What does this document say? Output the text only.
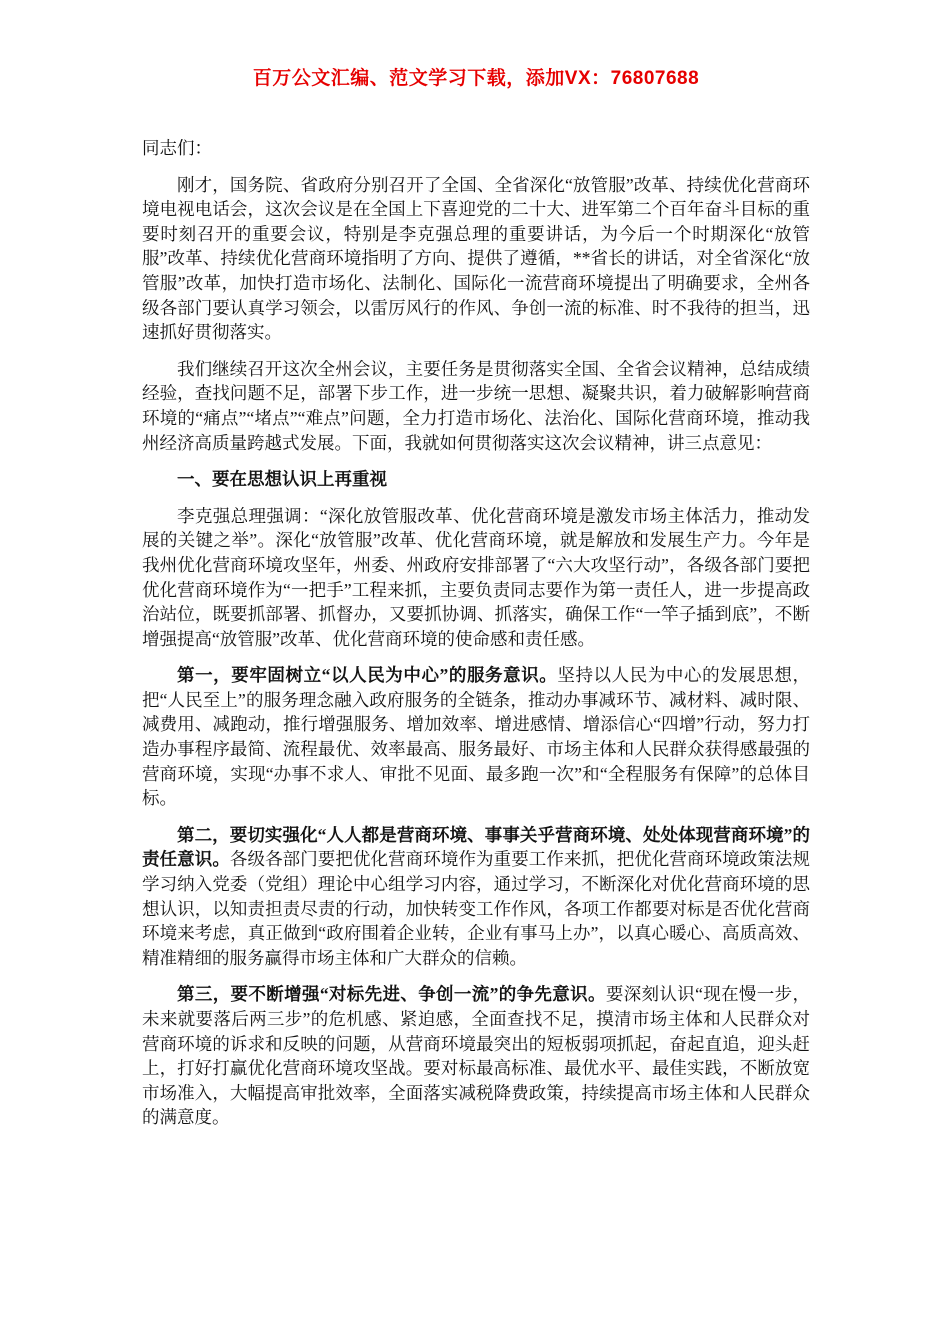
百万公文汇编、范文学习下载，添加VX：76807688

同志们：

刚才，国务院、省政府分别召开了全国、全省深化“放管服”改革、持续优化营商环境电视电话会，这次会议是在全国上下喜迎党的二十大、进军第二个百年奋斗目标的重要时刻召开的重要会议，特别是李克强总理的重要讲话，为今后一个时期深化“放管服”改革、持续优化营商环境指明了方向、提供了遵循，**省长的讲话，对全省深化“放管服”改革，加快打造市场化、法制化、国际化一流营商环境提出了明确要求，全州各级各部门要认真学习领会，以雷厉风行的作风、争创一流的标准、时不我待的担当，迅速抓好贯彻落实。

我们继续召开这次全州会议，主要任务是贯彻落实全国、全省会议精神，总结成绩经验，查找问题不足，部署下步工作，进一步统一思想、凝聚共识，着力破解影响营商环境的“痛点”“堵点”“难点”问题，全力打造市场化、法治化、国际化营商环境，推动我州经济高质量跨越式发展。下面，我就如何贯彻落实这次会议精神，讲三点意见：

一、要在思想认识上再重视

李克强总理强调：“深化放管服改革、优化营商环境是激发市场主体活力，推动发展的关键之举”。深化“放管服”改革、优化营商环境，就是解放和发展生产力。今年是我州优化营商环境攻坚年，州委、州政府安排部署了“六大攻坚行动”，各级各部门要把优化营商环境作为“一把手”工程来抓，主要负责同志要作为第一责任人，进一步提高政治站位，既要抓部署、抓督办，又要抓协调、抓落实，确保工作“一竿子插到底”，不断增强提高“放管服”改革、优化营商环境的使命感和责任感。

第一，要牢固树立“以人民为中心”的服务意识。坚持以人民为中心的发展思想，把“人民至上”的服务理念融入政府服务的全链条，推动办事减环节、减材料、减时限、减费用、减跑动，推行增强服务、增加效率、增进感情、增添信心“四增”行动，努力打造办事程序最简、流程最优、效率最高、服务最好、市场主体和人民群众获得感最强的营商环境，实现“办事不求人、审批不见面、最多跑一次”和“全程服务有保障”的总体目标。

第二，要切实强化“人人都是营商环境、事事关乎营商环境、处处体现营商环境”的责任意识。各级各部门要把优化营商环境作为重要工作来抓，把优化营商环境政策法规学习纳入党委（党组）理论中心组学习内容，通过学习，不断深化对优化营商环境的思想认识，以知责担责尽责的行动，加快转变工作作风，各项工作都要对标是否优化营商环境来考虑，真正做到“政府围着企业转，企业有事马上办”，以真心暖心、高质高效、精准精细的服务赢得市场主体和广大群众的信赖。

第三，要不断增强“对标先进、争创一流”的争先意识。要深刻认识“现在慢一步，未来就要落后两三步”的危机感、紧迫感，全面查找不足，摸清市场主体和人民群众对营商环境的诉求和反映的问题，从营商环境最突出的短板弱项抓起，奋起直追，迎头赶上，打好打赢优化营商环境攻坚战。要对标最高标准、最优水平、最佳实践，不断放宽市场准入，大幅提高审批效率，全面落实减税降费政策，持续提高市场主体和人民群众的满意度。
